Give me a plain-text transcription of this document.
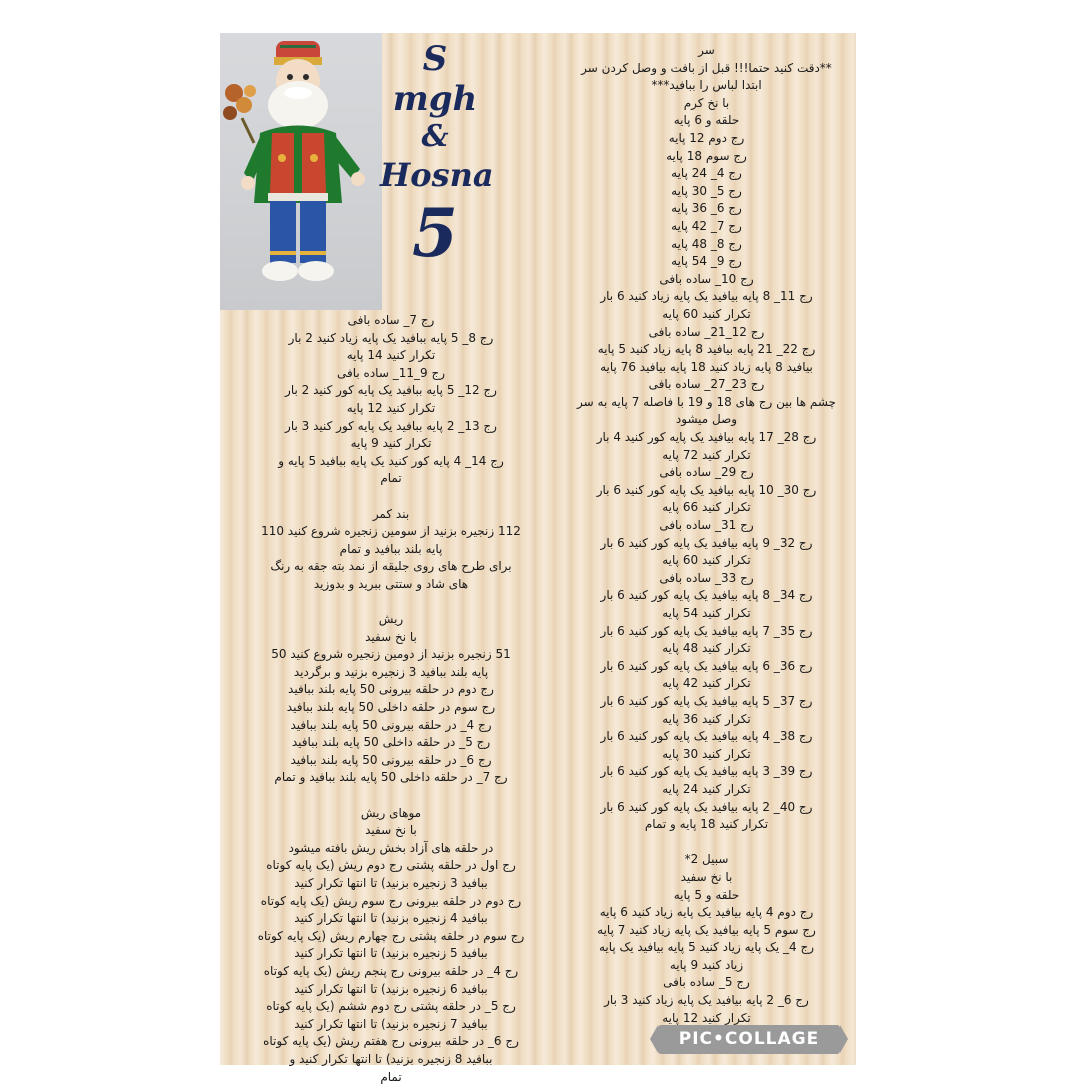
S mgh
&
Hosna
5
سر
**دقت کنید حتما!!! قبل از بافت و وصل کردن سر
ابتدا لباس را ببافید***
با نخ کرم
حلقه و 6 پایه
رج دوم 12 پایه
رج سوم 18 پایه
رج 4_ 24 پایه
رج 5_ 30 پایه
رج 6_ 36 پایه
رج 7_ 42 پایه
رج 8_ 48 پایه
رج 9_ 54 پایه
رج 10_ ساده بافی
رج 11_ 8 پایه بیافید یک پایه زیاد کنید 6 بار
تکرار کنید 60 پایه
رج 12_21_ ساده بافی
رج 22_ 21 پایه بیافید 8 پایه زیاد کنید 5 پایه
بیافید 8 پایه زیاد کنید 18 پایه بیافید 76 پایه
رج 23_27_ ساده بافی
چشم ها بین رج های 18 و 19 با فاصله 7 پایه به سر
وصل میشود
رج 28_ 17 پایه بیافید یک پایه کور کنید 4 بار
تکرار کنید 72 پایه
رج 29_ ساده بافی
رج 30_ 10 پایه بیافید یک پایه کور کنید 6 بار
تکرار کنید 66 پایه
رج 31_ ساده بافی
رج 32_ 9 پایه بیافید یک پایه کور کنید 6 بار
تکرار کنید 60 پایه
رج 33_ ساده بافی
رج 34_ 8 پایه بیافید یک پایه کور کنید 6 بار
تکرار کنید 54 پایه
رج 35_ 7 پایه بیافید یک پایه کور کنید 6 بار
تکرار کنید 48 پایه
رج 36_ 6 پایه بیافید یک پایه کور کنید 6 بار
تکرار کنید 42 پایه
رج 37_ 5 پایه بیافید یک پایه کور کنید 6 بار
تکرار کنید 36 پایه
رج 38_ 4 پایه بیافید یک پایه کور کنید 6 بار
تکرار کنید 30 پایه
رج 39_ 3 پایه بیافید یک پایه کور کنید 6 بار
تکرار کنید 24 پایه
رج 40_ 2 پایه بیافید یک پایه کور کنید 6 بار
تکرار کنید 18 پایه و تمام
سبیل 2*
با نخ سفید
حلقه و 5 پایه
رج دوم 4 پایه بیافید یک پایه زیاد کنید 6 پایه
رج سوم 5 پایه بیافید یک پایه زیاد کنید 7 پایه
رج 4_ یک پایه زیاد کنید 5 پایه بیافید یک پایه
زیاد کنید 9 پایه
رج 5_ ساده بافی
رج 6_ 2 پایه بیافید یک پایه زیاد کنید 3 بار
تکرار کنید 12 پایه
رج 7_ ساده بافی
رج 8_ 5 پایه ببافید یک پایه زیاد کنید 2 بار
تکرار کنید 14 پایه
رج 9_11_ ساده بافی
رج 12_ 5 پایه ببافید یک پایه کور کنید 2 بار
تکرار کنید 12 پایه
رج 13_ 2 پایه ببافید یک پایه کور کنید 3 بار
تکرار کنید 9 پایه
رج 14_ 4 پایه کور کنید یک پایه ببافید 5 پایه و
تمام
بند کمر
112 زنجیره بزنید از سومین زنجیره شروع کنید 110
پایه بلند ببافید و تمام
برای طرح های روی جلیقه از نمد بته جقه به رنگ
های شاد و ستتی ببرید و بدوزید
ریش
با نخ سفید
51 زنجیره بزنید از دومین زنجیره شروع کنید 50
پایه بلند ببافید 3 زنجیره بزنید و برگردید
رج دوم در حلقه بیرونی 50 پایه بلند ببافید
رج سوم در حلقه داخلی 50 پایه بلند ببافید
رج 4_ در حلقه بیرونی 50 پایه بلند ببافید
رج 5_ در حلقه داخلی 50 پایه بلند ببافید
رج 6_ در حلقه بیرونی 50 پایه بلند ببافید
رج 7_ در حلقه داخلی 50 پایه بلند ببافید و تمام
موهای ریش
با نخ سفید
در حلقه های آزاد بخش ریش بافته میشود
رج اول در حلقه پشتی رج دوم ریش (یک پایه کوتاه
ببافید 3 زنجیره بزنید) تا انتها تکرار کنید
رج دوم در حلقه بیرونی رج سوم ریش (یک پایه کوتاه
ببافید 4 زنجیره بزنید) تا انتها تکرار کنید
رج سوم در حلقه پشتی رج چهارم ریش (یک پایه کوتاه
ببافید 5 زنجیره بزنید) تا انتها تکرار کنید
رج 4_ در حلقه بیرونی رج پنجم ریش (یک پایه کوتاه
ببافید 6 زنجیره بزنید) تا انتها تکرار کنید
رج 5_ در حلقه پشتی رج دوم ششم (یک پایه کوتاه
ببافید 7 زنجیره بزنید) تا انتها تکرار کنید
رج 6_ در حلقه بیرونی رج هفتم ریش (یک پایه کوتاه
ببافید 8 زنجیره بزنید) تا انتها تکرار کنید و
تمام
PIC•COLLAGE
